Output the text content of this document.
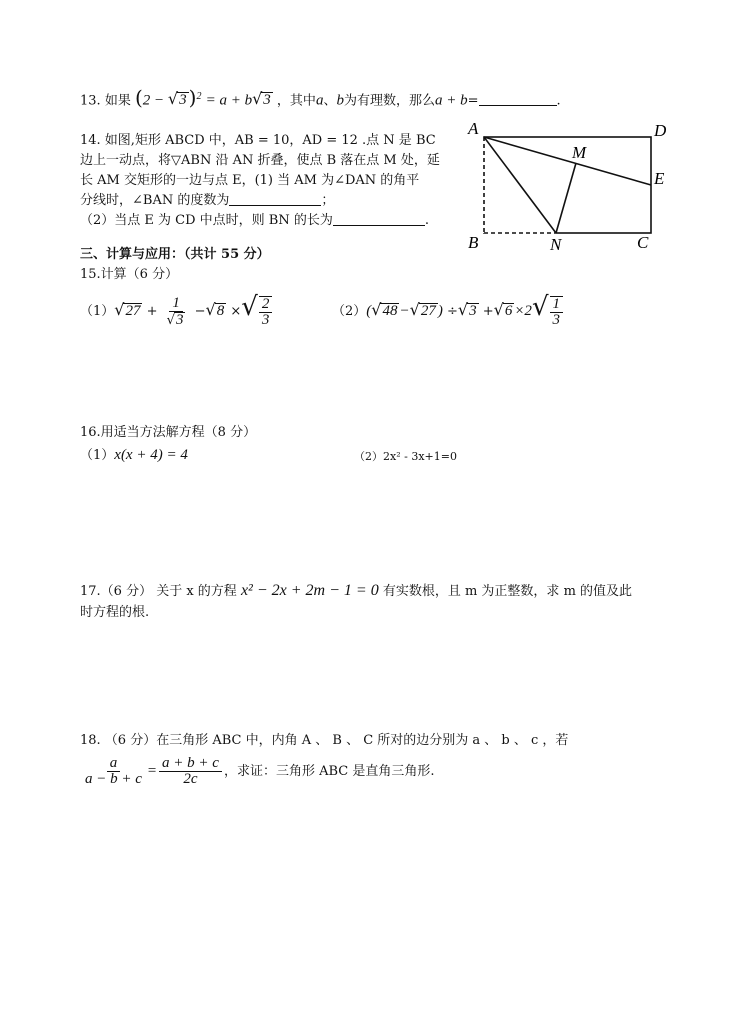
13. 如果 (2 − √3 )$^2$ = a + b√3 ，其中a、b为有理数，那么a + b=	.
14. 如图,矩形 ABCD 中，AB = 10，AD = 12 .点 N 是 BC
边上一动点，将▽ABN 沿 AN 折叠，使点 B 落在点 M 处，延
长 AM 交矩形的一边与点 E，(1) 当 AM 为∠DAN 的角平
分线时，∠BAN 的度数为	；
（2）当点 E 为 CD 中点时，则 BN 的长为	.
A	D
M
E
B	N	C
三、计算与应用：（共计 55 分）
15.计算（6 分）
$(1)√27 + \frac{1}{√3} -√8$ ×√ $\frac{2}{3}$	（2）(√48 −√27 ) $\div√3 +√6 \times 2√ \frac{1}{3}$
16.用适当方法解方程（8 分）
（1）x(x + 4) = 4	（2）2x² - 3x+1=0
17.（6 分） 关于 x 的方程 x² − 2x + 2m − 1 = 0 有实数根，且 m 为正整数，求 m 的值及此
时方程的根.
18. （6 分）在三角形 ABC 中，内角 A 、 B 、 C 所对的边分别为 a 、 b 、 c ，若
$\frac{a}{a - b + c} = \frac{a + b + c}{2c}$ ，求证：三角形 ABC 是直角三角形.
